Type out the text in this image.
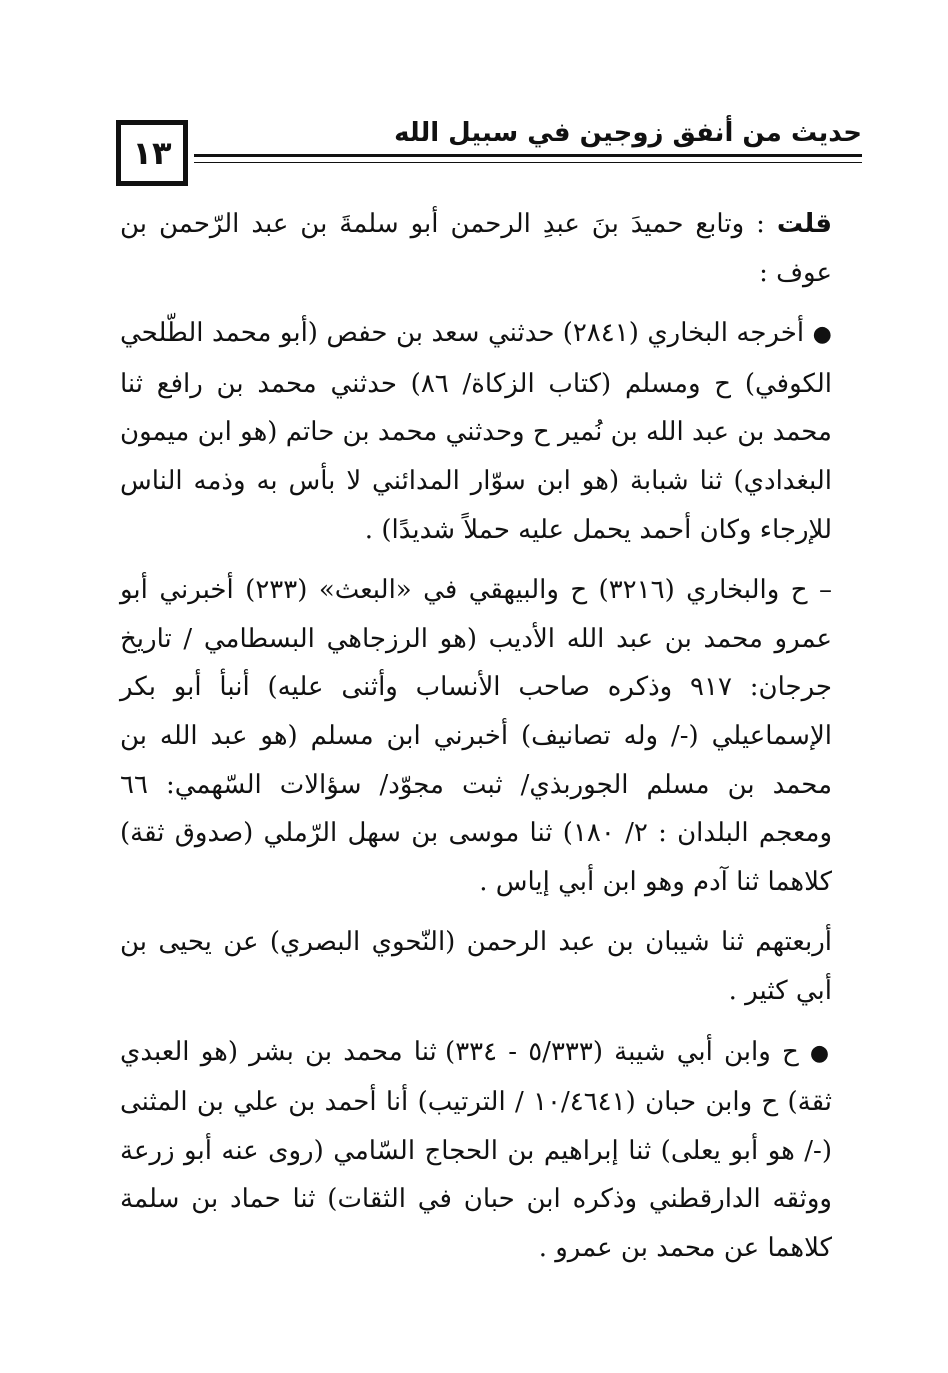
١٣
حديث من أنفق زوجين في سبيل الله

قلت : وتابع حميدَ بنَ عبدِ الرحمن أبو سلمةَ بن عبد الرّحمن بن عوف :

● أخرجه البخاري (٢٨٤١) حدثني سعد بن حفص (أبو محمد الطّلحي الكوفي) ح ومسلم (كتاب الزكاة/ ٨٦) حدثني محمد بن رافع ثنا محمد بن عبد الله بن نُمير ح وحدثني محمد بن حاتم (هو ابن ميمون البغدادي) ثنا شبابة (هو ابن سوّار المدائني لا بأس به وذمه الناس للإرجاء وكان أحمد يحمل عليه حملاً شديدًا) .

– ح والبخاري (٣٢١٦) ح والبيهقي في «البعث» (٢٣٣) أخبرني أبو عمرو محمد بن عبد الله الأديب (هو الرزجاهي البسطامي / تاريخ جرجان: ٩١٧ وذكره صاحب الأنساب وأثنى عليه) أنبأ أبو بكر الإسماعيلي (-/ وله تصانيف) أخبرني ابن مسلم (هو عبد الله بن محمد بن مسلم الجوربذي/ ثبت مجوّد/ سؤالات السّهمي: ٦٦ ومعجم البلدان : ٢/ ١٨٠) ثنا موسى بن سهل الرّملي (صدوق ثقة) كلاهما ثنا آدم وهو ابن أبي إياس .

أربعتهم ثنا شيبان بن عبد الرحمن (النّحوي البصري) عن يحيى بن أبي كثير .

● ح وابن أبي شيبة (٥/٣٣٣ - ٣٣٤) ثنا محمد بن بشر (هو العبدي ثقة) ح وابن حبان (١٠/٤٦٤١ / الترتيب) أنا أحمد بن علي بن المثنى (-/ هو أبو يعلى) ثنا إبراهيم بن الحجاج السّامي (روى عنه أبو زرعة ووثقه الدارقطني وذكره ابن حبان في الثقات) ثنا حماد بن سلمة كلاهما عن محمد بن عمرو .
